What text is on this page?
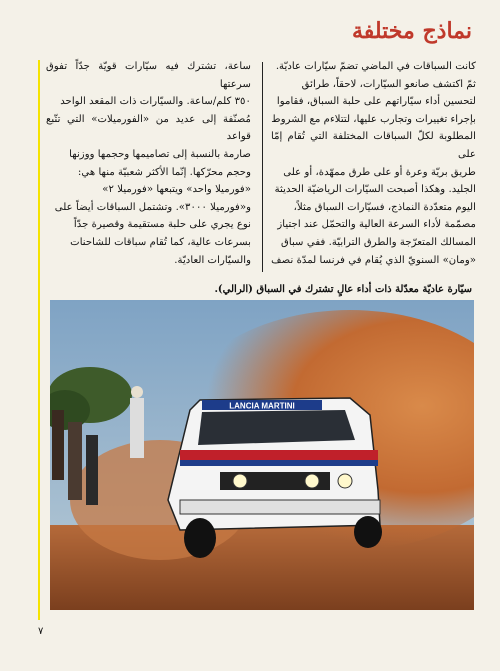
نماذج مختلفة
كانت السباقات في الماضي تضمّ سيّارات عاديّة.
ثمّ اكتشف صانعو السيّارات، لاحقاً، طرائق
لتحسين أداء سيّاراتهم على حلبة السباق، فقاموا
بإجراء تغييرات وتجارب عليها، لتتلاءم مع الشروط
المطلوبة لكلّ السباقات المختلفة التي تُقام إمّا على
طريق بريّة وعرة أو على طرق ممهّدة، أو على
الجليد. وهكذا أصبحت السيّارات الرياضيّة الحديثة
اليوم متعدّدة النماذج، فسيّارات السباق مثلاً،
مصمّمة لأداء السرعة العالية والتحمّل عند اجتياز
المسالك المتعرّجة والطرق الترابيّة. ففي سباق
«ومان» السنويّ الذي يُقام في فرنسا لمدّة نصف
ساعة، تشترك فيه سيّارات قويّة جدّاً تفوق سرعتها
٣٥٠ كلم/ساعة. والسيّارات ذات المقعد الواحد
مُصنّفة إلى عديد من «الفورميلات» التي تتّبع قواعد
صارمة بالنسبة إلى تصاميمها وحجمها ووزنها
وحجم محرّكها. إنّما الأكثر شعبيّة منها هي:
«فورميلا واحد» ويتبعها «فورميلا ٢»
و«فورميلا ٣٠٠٠». وتشتمل السباقات أيضاً على
نوع يجري على حلبة مستقيمة وقصيرة جدّاً
بسرعات عالية، كما تُقام سباقات للشاحنات
والسيّارات العاديّة.
سيّارة عاديّة معدّلة ذات أداء عالٍ تشترك في السباق (الرالي).
LANCIA MARTINI
٧
